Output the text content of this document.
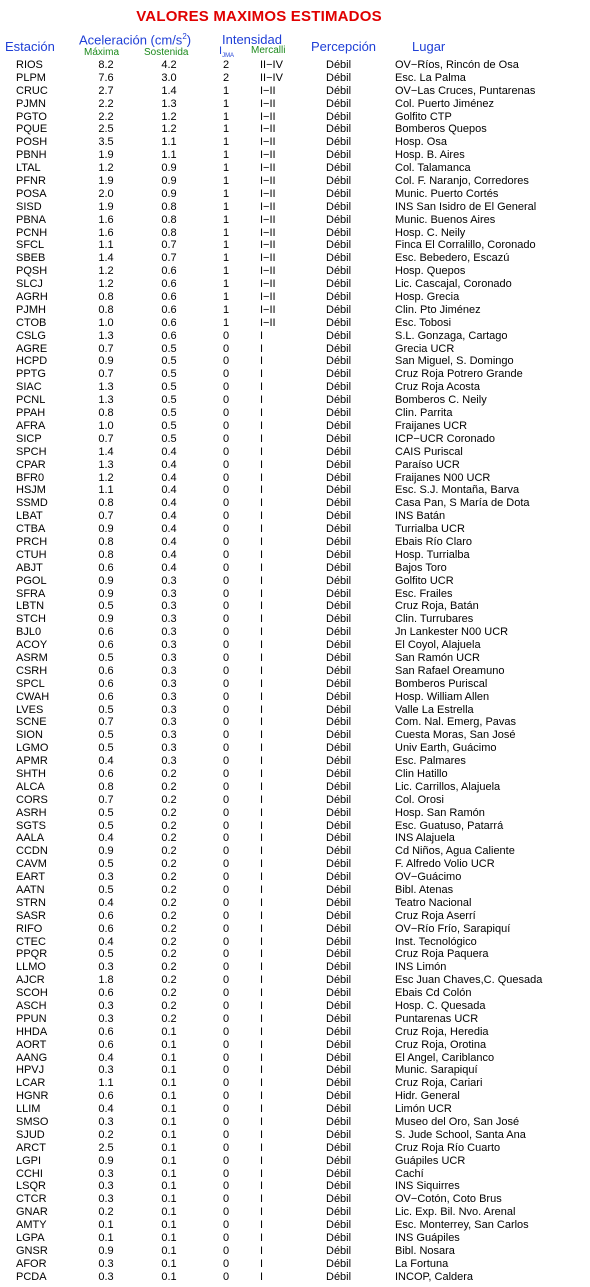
VALORES MAXIMOS ESTIMADOS
Estación Aceleración $(cm/s^2)$
Máxima Sostenida
Intensidad
$I_{JMA}$
Mercalli Percepción	Lugar
RIOS	8.2	4.2	2	II−IV	Débil	OV−Ríos, Rincón de Osa
PLPM	7.6	3.0	2	II−IV	Débil	Esc. La Palma
CRUC	2.7	1.4	1	I−II	Débil	OV−Las Cruces, Puntarenas
PJMN	2.2	1.3	1	I−II	Débil	Col. Puerto Jiménez
PGTO	2.2	1.2	1	I−II	Débil	Golfito CTP
PQUE	2.5	1.2	1	I−II	Débil	Bomberos Quepos
POSH	3.5	1.1	1	I−II	Débil	Hosp. Osa
PBNH	1.9	1.1	1	I−II	Débil	Hosp. B. Aires
LTAL	1.2	0.9	1	I−II	Débil	Col. Talamanca
PFNR	1.9	0.9	1	I−II	Débil	Col. F. Naranjo, Corredores
POSA	2.0	0.9	1	I−II	Débil	Munic. Puerto Cortés
SISD	1.9	0.8	1	I−II	Débil	INS San Isidro de El General
PBNA	1.6	0.8	1	I−II	Débil	Munic. Buenos Aires
PCNH	1.6	0.8	1	I−II	Débil	Hosp. C. Neily
SFCL	1.1	0.7	1	I−II	Débil	Finca El Corralillo, Coronado
SBEB	1.4	0.7	1	I−II	Débil	Esc. Bebedero, Escazú
PQSH	1.2	0.6	1	I−II	Débil	Hosp. Quepos
SLCJ	1.2	0.6	1	I−II	Débil	Lic. Cascajal, Coronado
AGRH	0.8	0.6	1	I−II	Débil	Hosp. Grecia
PJMH	0.8	0.6	1	I−II	Débil	Clin. Pto Jiménez
CTOB	1.0	0.6	1	I−II	Débil	Esc. Tobosi
CSLG	1.3	0.6	0	I	Débil	S.L. Gonzaga, Cartago
AGRE	0.7	0.5	0	I	Débil	Grecia UCR
HCPD	0.9	0.5	0	I	Débil	San Miguel, S. Domingo
PPTG	0.7	0.5	0	I	Débil	Cruz Roja Potrero Grande
SIAC	1.3	0.5	0	I	Débil	Cruz Roja Acosta
PCNL	1.3	0.5	0	I	Débil	Bomberos C. Neily
PPAH	0.8	0.5	0	I	Débil	Clin. Parrita
AFRA	1.0	0.5	0	I	Débil	Fraijanes UCR
SICP	0.7	0.5	0	I	Débil	ICP−UCR Coronado
SPCH	1.4	0.4	0	I	Débil	CAIS Puriscal
CPAR	1.3	0.4	0	I	Débil	Paraíso UCR
BFR0	1.2	0.4	0	I	Débil	Fraijanes N00 UCR
HSJM	1.1	0.4	0	I	Débil	Esc. S.J. Montaña, Barva
SSMD	0.8	0.4	0	I	Débil	Casa Pan, S María de Dota
LBAT	0.7	0.4	0	I	Débil	INS Batán
CTBA	0.9	0.4	0	I	Débil	Turrialba UCR
PRCH	0.8	0.4	0	I	Débil	Ebais Río Claro
CTUH	0.8	0.4	0	I	Débil	Hosp. Turrialba
ABJT	0.6	0.4	0	I	Débil	Bajos Toro
PGOL	0.9	0.3	0	I	Débil	Golfito UCR
SFRA	0.9	0.3	0	I	Débil	Esc. Frailes
LBTN	0.5	0.3	0	I	Débil	Cruz Roja, Batán
STCH	0.9	0.3	0	I	Débil	Clin. Turrubares
BJL0	0.6	0.3	0	I	Débil	Jn Lankester N00 UCR
ACOY	0.6	0.3	0	I	Débil	El Coyol, Alajuela
ASRM	0.5	0.3	0	I	Débil	San Ramón UCR
CSRH	0.6	0.3	0	I	Débil	San Rafael Oreamuno
SPCL	0.6	0.3	0	I	Débil	Bomberos Puriscal
CWAH	0.6	0.3	0	I	Débil	Hosp. William Allen
LVES	0.5	0.3	0	I	Débil	Valle La Estrella
SCNE	0.7	0.3	0	I	Débil	Com. Nal. Emerg, Pavas
SION	0.5	0.3	0	I	Débil	Cuesta Moras, San José
LGMO	0.5	0.3	0	I	Débil	Univ Earth, Guácimo
APMR	0.4	0.3	0	I	Débil	Esc. Palmares
SHTH	0.6	0.2	0	I	Débil	Clin Hatillo
ALCA	0.8	0.2	0	I	Débil	Lic. Carrillos, Alajuela
CORS	0.7	0.2	0	I	Débil	Col. Orosi
ASRH	0.5	0.2	0	I	Débil	Hosp. San Ramón
SGTS	0.5	0.2	0	I	Débil	Esc. Guatuso, Patarrá
AALA	0.4	0.2	0	I	Débil	INS Alajuela
CCDN	0.9	0.2	0	I	Débil	Cd Niños, Agua Caliente
CAVM	0.5	0.2	0	I	Débil	F. Alfredo Volio UCR
EART	0.3	0.2	0	I	Débil	OV−Guácimo
AATN	0.5	0.2	0	I	Débil	Bibl. Atenas
STRN	0.4	0.2	0	I	Débil	Teatro Nacional
SASR	0.6	0.2	0	I	Débil	Cruz Roja Aserrí
RIFO	0.6	0.2	0	I	Débil	OV−Río Frío, Sarapiquí
CTEC	0.4	0.2	0	I	Débil	Inst. Tecnológico
PPQR	0.5	0.2	0	I	Débil	Cruz Roja Paquera
LLMO	0.3	0.2	0	I	Débil	INS Limón
AJCR	1.8	0.2	0	I	Débil	Esc Juan Chaves,C. Quesada
SCOH	0.6	0.2	0	I	Débil	Ebais Cd Colón
ASCH	0.3	0.2	0	I	Débil	Hosp. C. Quesada
PPUN	0.3	0.2	0	I	Débil	Puntarenas UCR
HHDA	0.6	0.1	0	I	Débil	Cruz Roja, Heredia
AORT	0.6	0.1	0	I	Débil	Cruz Roja, Orotina
AANG	0.4	0.1	0	I	Débil	El Angel, Cariblanco
HPVJ	0.3	0.1	0	I	Débil	Munic. Sarapiquí
LCAR	1.1	0.1	0	I	Débil	Cruz Roja, Cariari
HGNR	0.6	0.1	0	I	Débil	Hidr. General
LLIM	0.4	0.1	0	I	Débil	Limón UCR
SMSO	0.3	0.1	0	I	Débil	Museo del Oro, San José
SJUD	0.2	0.1	0	I	Débil	S. Jude School, Santa Ana
ARCT	2.5	0.1	0	I	Débil	Cruz Roja Río Cuarto
LGPI	0.9	0.1	0	I	Débil	Guápiles UCR
CCHI	0.3	0.1	0	I	Débil	Cachí
LSQR	0.3	0.1	0	I	Débil	INS Siquirres
CTCR	0.3	0.1	0	I	Débil	OV−Cotón, Coto Brus
GNAR	0.2	0.1	0	I	Débil	Lic. Exp. Bil. Nvo. Arenal
AMTY	0.1	0.1	0	I	Débil	Esc. Monterrey, San Carlos
LGPA	0.1	0.1	0	I	Débil	INS Guápiles
GNSR	0.9	0.1	0	I	Débil	Bibl. Nosara
AFOR	0.3	0.1	0	I	Débil	La Fortuna
PCDA	0.3	0.1	0	I	Débil	INCOP, Caldera
